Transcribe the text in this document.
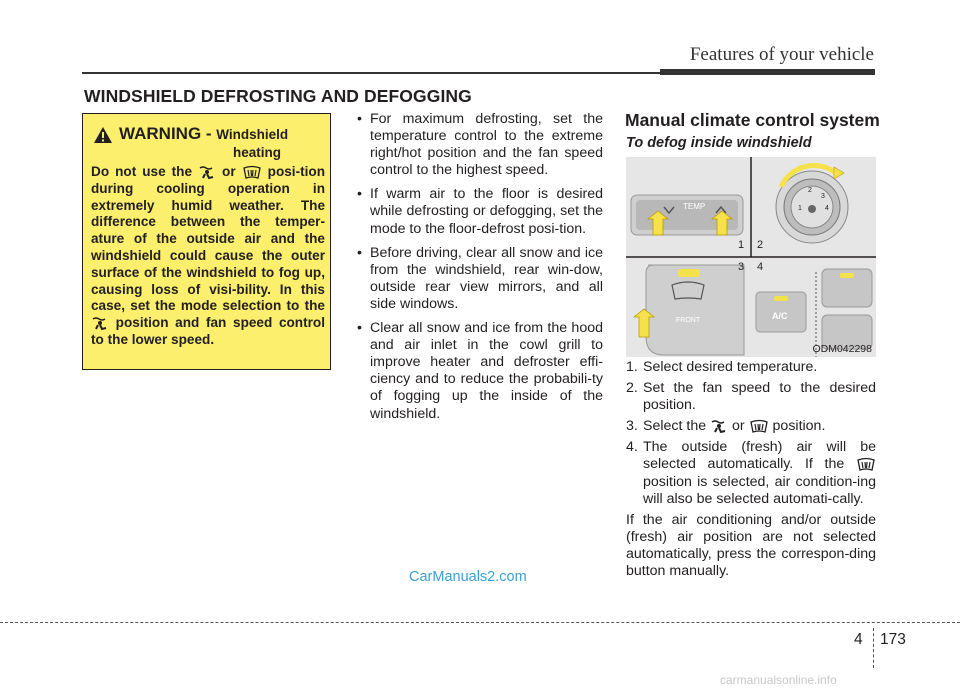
Features of your vehicle
WINDSHIELD DEFROSTING AND DEFOGGING
WARNING - Windshield
heating
Do not use the or posi-tion during cooling operation in extremely humid weather. The difference between the temper-ature of the outside air and the windshield could cause the outer surface of the windshield to fog up, causing loss of visi-bility. In this case, set the mode selection to the  position and fan speed control to the lower speed.
• For maximum defrosting, set the temperature control to the extreme right/hot position and the fan speed control to the highest speed.
• If warm air to the floor is desired while defrosting or defogging, set the mode to the floor-defrost posi-tion.
• Before driving, clear all snow and ice from the windshield, rear win-dow, outside rear view mirrors, and all side windows.
• Clear all snow and ice from the hood and air inlet in the cowl grill to improve heater and defroster effi-ciency and to reduce the probabili-ty of fogging up the inside of the windshield.
Manual climate control system
To defog inside windshield
TEMP
FRONT	A/C
1 2
3 4
1
2
3
4
ODM042298
1. Select desired temperature.
2. Set the fan speed to the desired position.
3. Select the or position.
4. The outside (fresh) air will be selected automatically. If the  position is selected, air condition-ing will also be selected automati-cally.
If the air conditioning and/or outside (fresh) air position are not selected automatically, press the correspon-ding button manually.
CarManuals2.com
4 173
carmanualsonline.info
